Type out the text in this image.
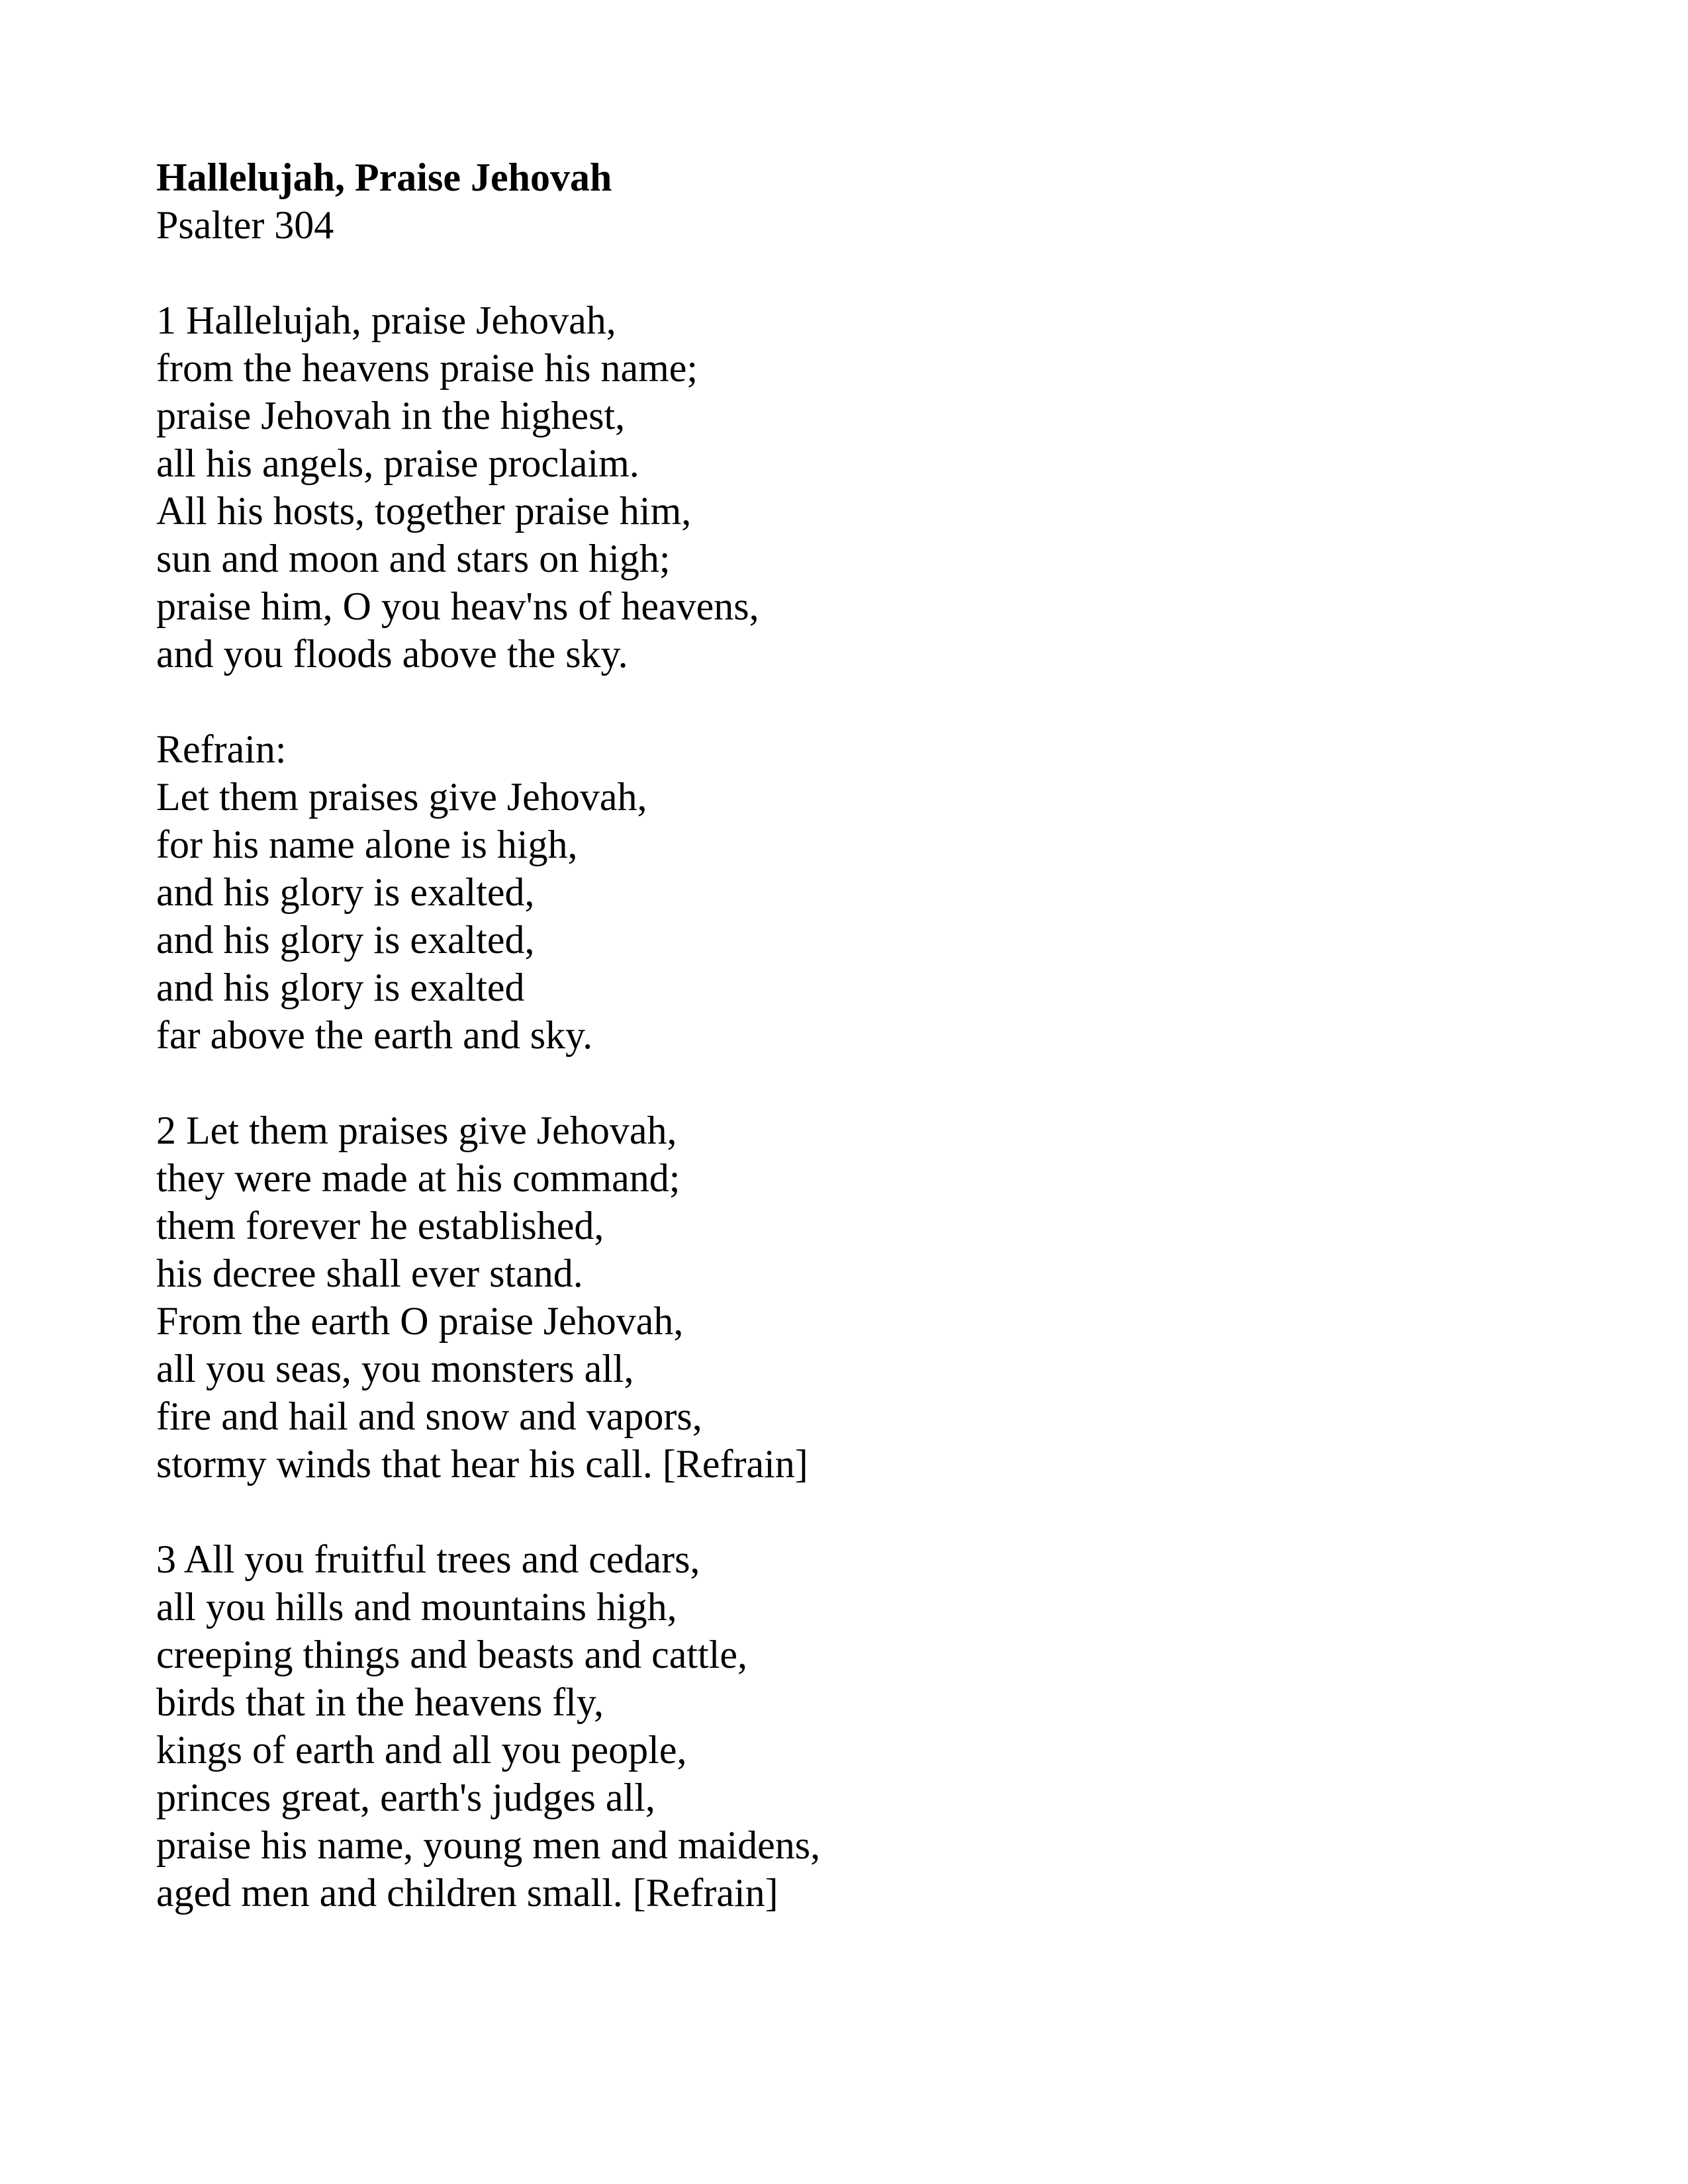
Hallelujah, Praise Jehovah
Psalter 304
1 Hallelujah, praise Jehovah,
from the heavens praise his name;
praise Jehovah in the highest,
all his angels, praise proclaim.
All his hosts, together praise him,
sun and moon and stars on high;
praise him, O you heav'ns of heavens,
and you floods above the sky.
Refrain:
Let them praises give Jehovah,
for his name alone is high,
and his glory is exalted,
and his glory is exalted,
and his glory is exalted
far above the earth and sky.
2 Let them praises give Jehovah,
they were made at his command;
them forever he established,
his decree shall ever stand.
From the earth O praise Jehovah,
all you seas, you monsters all,
fire and hail and snow and vapors,
stormy winds that hear his call. [Refrain]
3 All you fruitful trees and cedars,
all you hills and mountains high,
creeping things and beasts and cattle,
birds that in the heavens fly,
kings of earth and all you people,
princes great, earth's judges all,
praise his name, young men and maidens,
aged men and children small. [Refrain]
